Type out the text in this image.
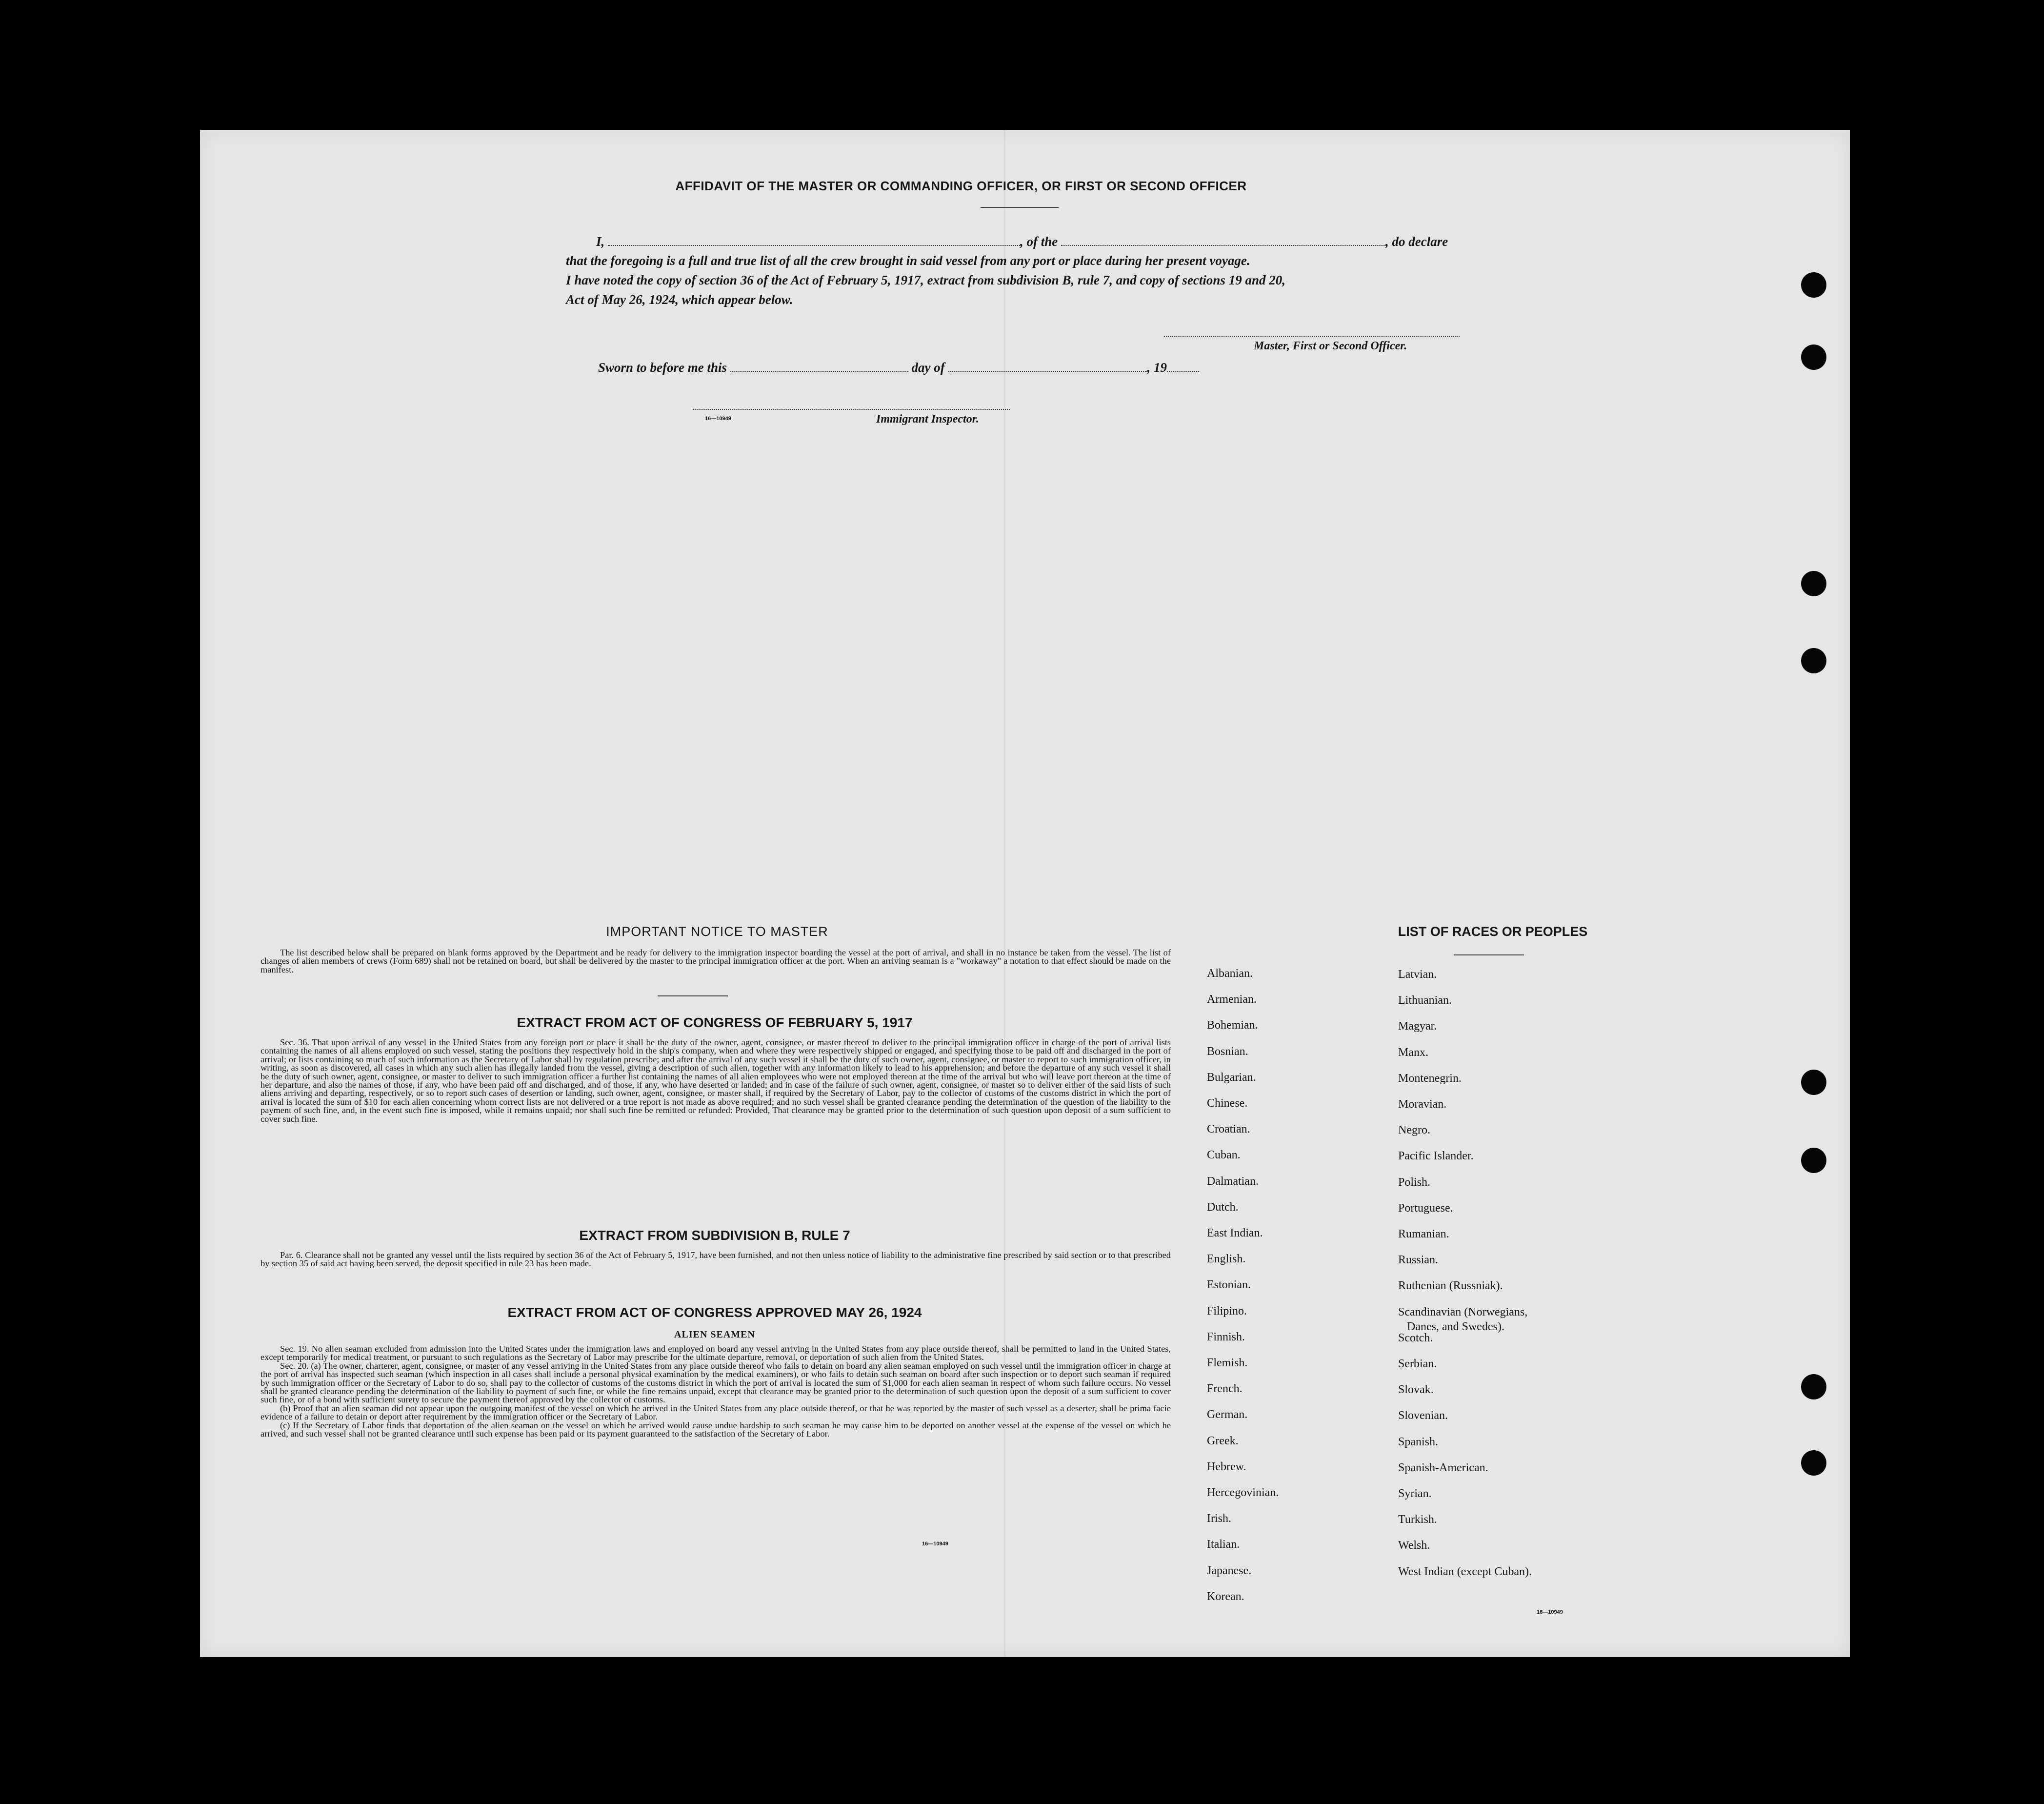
AFFIDAVIT OF THE MASTER OR COMMANDING OFFICER, OR FIRST OR SECOND OFFICER
I,	, of the	, do declare
that the foregoing is a full and true list of all the crew brought in said vessel from any port or place during her present voyage.
I have noted the copy of section 36 of the Act of February 5, 1917, extract from subdivision B, rule 7, and copy of sections 19 and 20,
Act of May 26, 1924, which appear below.
Master, First or Second Officer.
Sworn to before me this	day of	, 19
16—10949	Immigrant Inspector.
IMPORTANT NOTICE TO MASTER

The list described below shall be prepared on blank forms approved by the Department and be ready for delivery to the immigration inspector boarding the vessel at the port of arrival, and shall in no instance be taken from the vessel. The list of changes of alien members of crews (Form 689) shall not be retained on board, but shall be delivered by the master to the principal immigration officer at the port. When an arriving seaman is a "workaway" a notation to that effect should be made on the manifest.

EXTRACT FROM ACT OF CONGRESS OF FEBRUARY 5, 1917

Sec. 36. That upon arrival of any vessel in the United States from any foreign port or place it shall be the duty of the owner, agent, consignee, or master thereof to deliver to the principal immigration officer in charge of the port of arrival lists containing the names of all aliens employed on such vessel, stating the positions they respectively hold in the ship's company, when and where they were respectively shipped or engaged, and specifying those to be paid off and discharged in the port of arrival; or lists containing so much of such information as the Secretary of Labor shall by regulation prescribe; and after the arrival of any such vessel it shall be the duty of such owner, agent, consignee, or master to report to such immigration officer, in writing, as soon as discovered, all cases in which any such alien has illegally landed from the vessel, giving a description of such alien, together with any information likely to lead to his apprehension; and before the departure of any such vessel it shall be the duty of such owner, agent, consignee, or master to deliver to such immigration officer a further list containing the names of all alien employees who were not employed thereon at the time of the arrival but who will leave port thereon at the time of her departure, and also the names of those, if any, who have been paid off and discharged, and of those, if any, who have deserted or landed; and in case of the failure of such owner, agent, consignee, or master so to deliver either of the said lists of such aliens arriving and departing, respectively, or so to report such cases of desertion or landing, such owner, agent, consignee, or master shall, if required by the Secretary of Labor, pay to the collector of customs of the customs district in which the port of arrival is located the sum of $10 for each alien concerning whom correct lists are not delivered or a true report is not made as above required; and no such vessel shall be granted clearance pending the determination of the question of the liability to the payment of such fine, and, in the event such fine is imposed, while it remains unpaid; nor shall such fine be remitted or refunded: Provided, That clearance may be granted prior to the determination of such question upon deposit of a sum sufficient to cover such fine.

EXTRACT FROM SUBDIVISION B, RULE 7

Par. 6. Clearance shall not be granted any vessel until the lists required by section 36 of the Act of February 5, 1917, have been furnished, and not then unless notice of liability to the administrative fine prescribed by said section or to that prescribed by section 35 of said act having been served, the deposit specified in rule 23 has been made.

EXTRACT FROM ACT OF CONGRESS APPROVED MAY 26, 1924
ALIEN SEAMEN

Sec. 19. No alien seaman excluded from admission into the United States under the immigration laws and employed on board any vessel arriving in the United States from any place outside thereof, shall be permitted to land in the United States, except temporarily for medical treatment, or pursuant to such regulations as the Secretary of Labor may prescribe for the ultimate departure, removal, or deportation of such alien from the United States.

Sec. 20. (a) The owner, charterer, agent, consignee, or master of any vessel arriving in the United States from any place outside thereof who fails to detain on board any alien seaman employed on such vessel until the immigration officer in charge at the port of arrival has inspected such seaman (which inspection in all cases shall include a personal physical examination by the medical examiners), or who fails to detain such seaman on board after such inspection or to deport such seaman if required by such immigration officer or the Secretary of Labor to do so, shall pay to the collector of customs of the customs district in which the port of arrival is located the sum of $1,000 for each alien seaman in respect of whom such failure occurs. No vessel shall be granted clearance pending the determination of the liability to payment of such fine, or while the fine remains unpaid, except that clearance may be granted prior to the determination of such question upon the deposit of a sum sufficient to cover such fine, or of a bond with sufficient surety to secure the payment thereof approved by the collector of customs.

(b) Proof that an alien seaman did not appear upon the outgoing manifest of the vessel on which he arrived in the United States from any place outside thereof, or that he was reported by the master of such vessel as a deserter, shall be prima facie evidence of a failure to detain or deport after requirement by the immigration officer or the Secretary of Labor.

(c) If the Secretary of Labor finds that deportation of the alien seaman on the vessel on which he arrived would cause undue hardship to such seaman he may cause him to be deported on another vessel at the expense of the vessel on which he arrived, and such vessel shall not be granted clearance until such expense has been paid or its payment guaranteed to the satisfaction of the Secretary of Labor.

16—10949
LIST OF RACES OR PEOPLES
Albanian.
Armenian.
Bohemian.
Bosnian.
Bulgarian.
Chinese.
Croatian.
Cuban.
Dalmatian.
Dutch.
East Indian.
English.
Estonian.
Filipino.
Finnish.
Flemish.
French.
German.
Greek.
Hebrew.
Hercegovinian.
Irish.
Italian.
Japanese.
Korean.
Latvian.
Lithuanian.
Magyar.
Manx.
Montenegrin.
Moravian.
Negro.
Pacific Islander.
Polish.
Portuguese.
Rumanian.
Russian.
Ruthenian (Russniak).
Scandinavian (Norwegians,
Danes, and Swedes).
Scotch.
Serbian.
Slovak.
Slovenian.
Spanish.
Spanish-American.
Syrian.
Turkish.
Welsh.
West Indian (except Cuban).
16—10949
